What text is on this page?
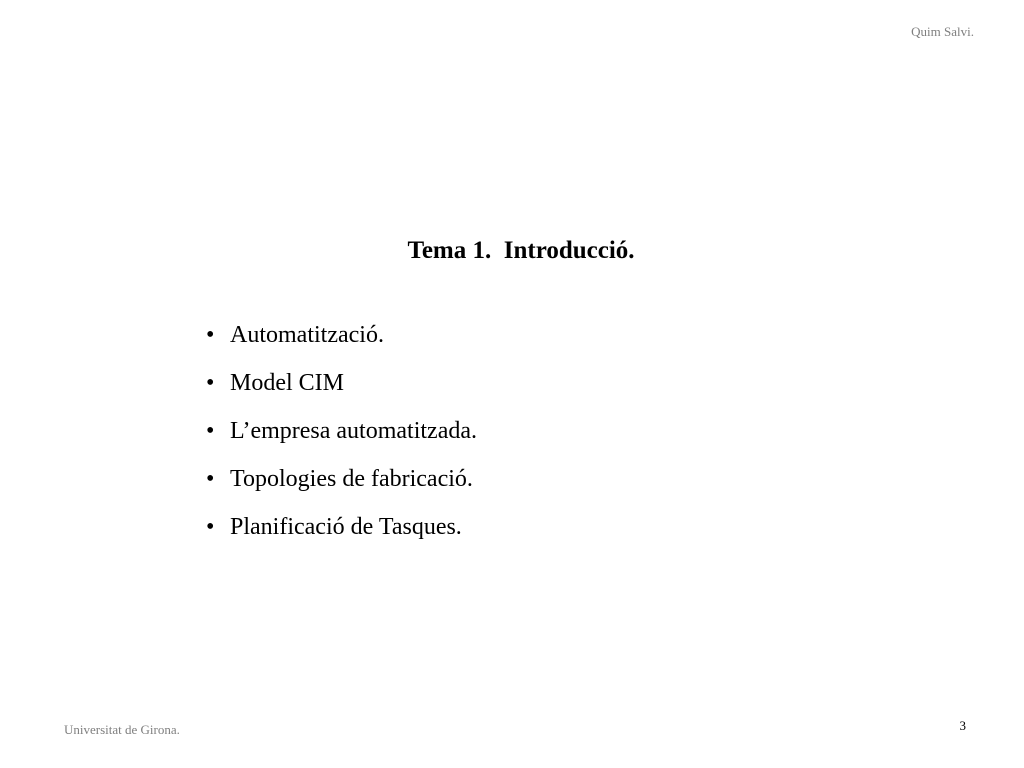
Quim Salvi.
Tema 1.  Introducció.
• Automatització.
• Model CIM
• L’empresa automatitzada.
• Topologies de fabricació.
• Planificació de Tasques.
Universitat de Girona.	3
